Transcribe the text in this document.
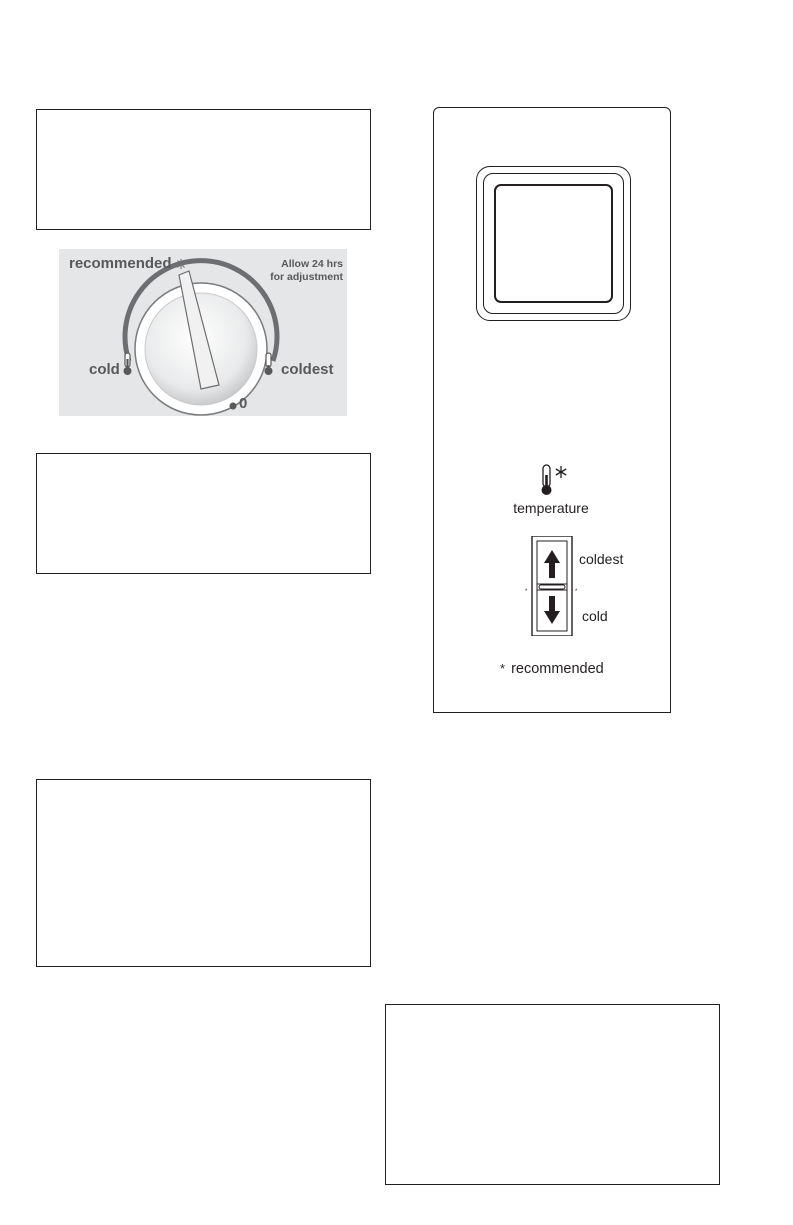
recommended	Allow 24 hrs
for adjustment
cold	coldest
0
temperature
*	*
coldest
cold
* recommended
